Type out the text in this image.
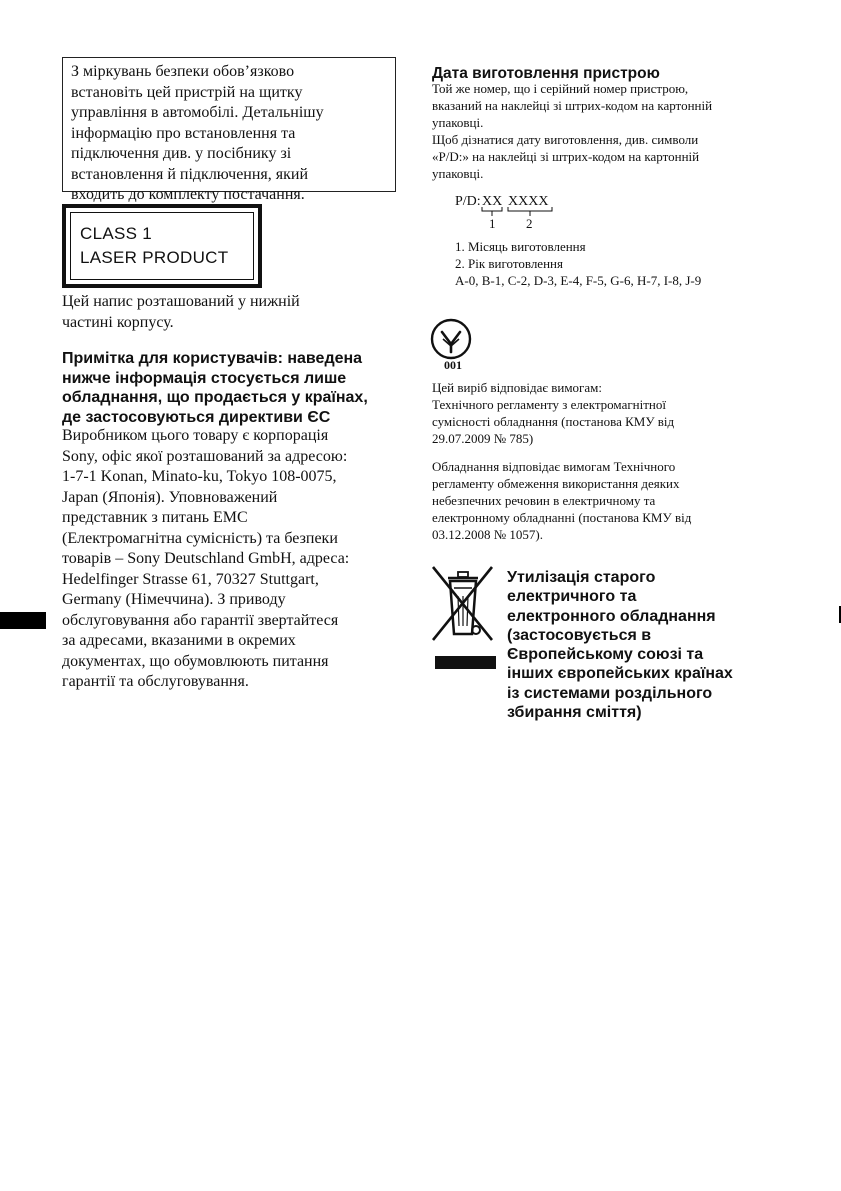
З міркувань безпеки обов’язково
встановіть цей пристрій на щитку
управління в автомобілі. Детальнішу
інформацію про встановлення та
підключення див. у посібнику зі
встановлення й підключення, який
входить до комплекту постачання.
CLASS 1
LASER PRODUCT
Цей напис розташований у нижній
частині корпусу.
Примітка для користувачів: наведена
нижче інформація стосується лише
обладнання, що продається у країнах,
де застосовуються директиви ЄС
Виробником цього товару є корпорація
Sony, офіс якої розташований за адресою:
1-7-1 Konan, Minato-ku, Tokyo 108-0075,
Japan (Японія). Уповноважений
представник з питань EMC
(Електромагнітна сумісність) та безпеки
товарів – Sony Deutschland GmbH, адреса:
Hedelfinger Strasse 61, 70327 Stuttgart,
Germany (Німеччина). З приводу
обслуговування або гарантії звертайтеся
за адресами, вказаними в окремих
документах, що обумовлюють питання
гарантії та обслуговування.
Дата виготовлення пристрою
Той же номер, що і серійний номер пристрою,
вказаний на наклейці зі штрих-кодом на картонній
упаковці.
Щоб дізнатися дату виготовлення, див. символи
«P/D:» на наклейці зі штрих-кодом на картонній
упаковці.
P/D: XX XXXX
1 2
1. Місяць виготовлення
2. Рік виготовлення
A-0, B-1, C-2, D-3, E-4, F-5, G-6, H-7, I-8, J-9
001
Цей виріб відповідає вимогам:
Технічного регламенту з електромагнітної
сумісності обладнання (постанова КМУ від
29.07.2009 № 785)
Обладнання відповідає вимогам Технічного
регламенту обмеження використання деяких
небезпечних речовин в електричному та
електронному обладнанні (постанова КМУ від
03.12.2008 № 1057).
Утилізація старого
електричного та
електронного обладнання
(застосовується в
Європейському союзі та
інших європейських країнах
із системами роздільного
збирання сміття)
